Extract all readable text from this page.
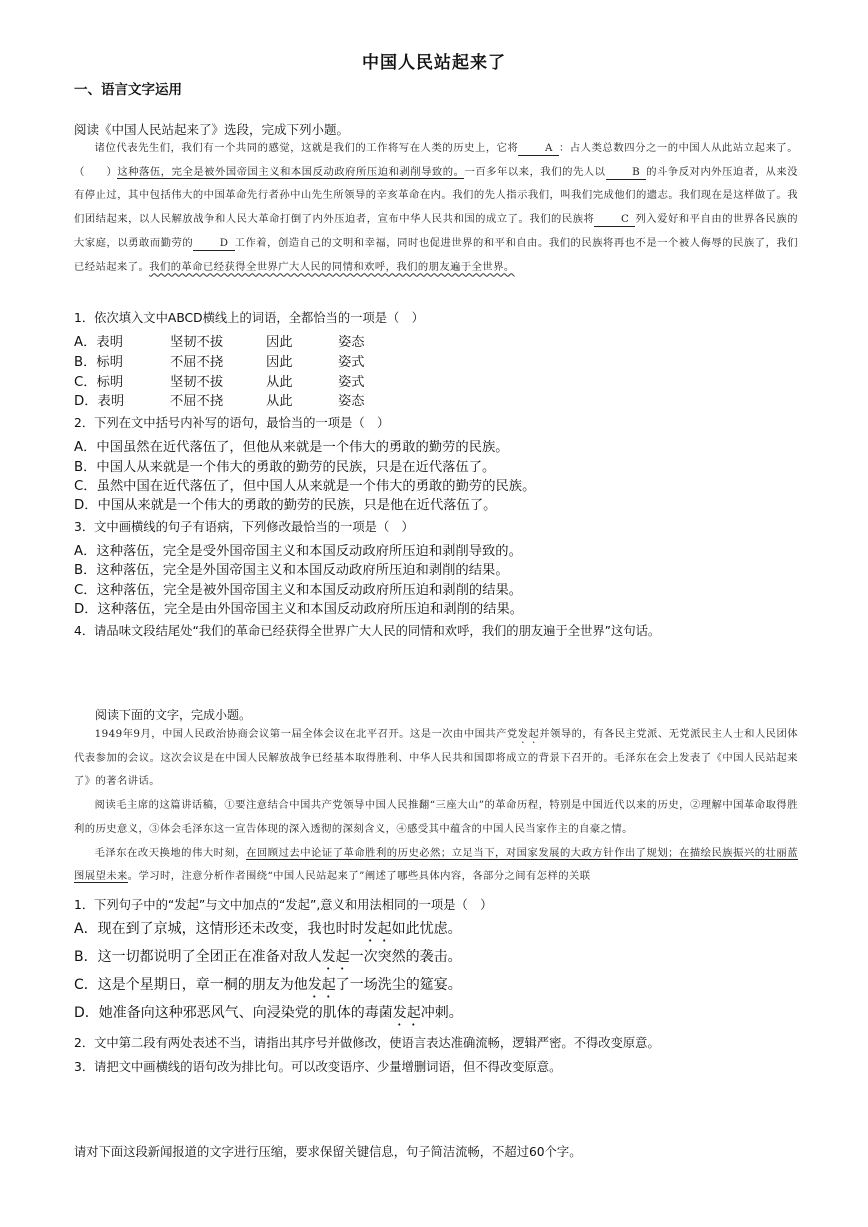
中国人民站起来了
一、语言文字运用
阅读《中国人民站起来了》选段，完成下列小题。

诸位代表先生们，我们有一个共同的感觉，这就是我们的工作将写在人类的历史上，它将	A ：占人类总数四分之一的中国人从此站立起来了。（　　）这种落伍，完全是被外国帝国主义和本国反动政府所压迫和剥削导致的。一百多年以来，我们的先人以	B 的斗争反对内外压迫者，从来没有停止过，其中包括伟大的中国革命先行者孙中山先生所领导的辛亥革命在内。我们的先人指示我们，叫我们完成他们的遗志。我们现在是这样做了。我们团结起来，以人民解放战争和人民大革命打倒了内外压迫者，宣布中华人民共和国的成立了。我们的民族将	C 列入爱好和平自由的世界各民族的大家庭，以勇敢而勤劳的	D 工作着，创造自己的文明和幸福，同时也促进世界的和平和自由。我们的民族将再也不是一个被人侮辱的民族了，我们已经站起来了。我们的革命已经获得全世界广大人民的同情和欢呼，我们的朋友遍于全世界。

1．依次填入文中ABCD横线上的词语，全都恰当的一项是（　）
A．表明	坚韧不拔	因此	姿态
B．标明	不屈不挠	因此	姿式
C．标明	坚韧不拔	从此	姿式
D．表明	不屈不挠	从此	姿态
2．下列在文中括号内补写的语句，最恰当的一项是（　）
A．中国虽然在近代落伍了，但他从来就是一个伟大的勇敢的勤劳的民族。
B．中国人从来就是一个伟大的勇敢的勤劳的民族，只是在近代落伍了。
C．虽然中国在近代落伍了，但中国人从来就是一个伟大的勇敢的勤劳的民族。
D．中国从来就是一个伟大的勇敢的勤劳的民族，只是他在近代落伍了。
3．文中画横线的句子有语病，下列修改最恰当的一项是（　）
A．这种落伍，完全是受外国帝国主义和本国反动政府所压迫和剥削导致的。
B．这种落伍，完全是外国帝国主义和本国反动政府所压迫和剥削的结果。
C．这种落伍，完全是被外国帝国主义和本国反动政府所压迫和剥削的结果。
D．这种落伍，完全是由外国帝国主义和本国反动政府所压迫和剥削的结果。
4．请品味文段结尾处“我们的革命已经获得全世界广大人民的同情和欢呼，我们的朋友遍于全世界”这句话。
阅读下面的文字，完成小题。

1949年9月，中国人民政治协商会议第一届全体会议在北平召开。这是一次由中国共产党发起并领导的，有各民主党派、无党派民主人士和人民团体代表参加的会议。这次会议是在中国人民解放战争已经基本取得胜利、中华人民共和国即将成立的背景下召开的。毛泽东在会上发表了《中国人民站起来了》的著名讲话。

阅读毛主席的这篇讲话稿，①要注意结合中国共产党领导中国人民推翻“三座大山”的革命历程，特别是中国近代以来的历史，②理解中国革命取得胜利的历史意义，③体会毛泽东这一宣告体现的深入透彻的深刻含义，④感受其中蕴含的中国人民当家作主的自豪之情。

毛泽东在改天换地的伟大时刻，在回顾过去中论证了革命胜利的历史必然；立足当下，对国家发展的大政方针作出了规划；在描绘民族振兴的壮丽蓝图展望未来。学习时，注意分析作者围绕“中国人民站起来了”阐述了哪些具体内容，各部分之间有怎样的关联

1．下列句子中的“发起”与文中加点的“发起”,意义和用法相同的一项是（　）
A．现在到了京城，这情形还未改变，我也时时发起如此忧虑。
B．这一切都说明了全团正在准备对敌人发起一次突然的袭击。
C．这是个星期日，章一桐的朋友为他发起了一场洗尘的筵宴。
D．她准备向这种邪恶风气、向浸染党的肌体的毒菌发起冲刺。
2．文中第二段有两处表述不当，请指出其序号并做修改，使语言表达准确流畅，逻辑严密。不得改变原意。
3．请把文中画横线的语句改为排比句。可以改变语序、少量增删词语，但不得改变原意。
请对下面这段新闻报道的文字进行压缩，要求保留关键信息，句子简洁流畅，不超过60个字。
